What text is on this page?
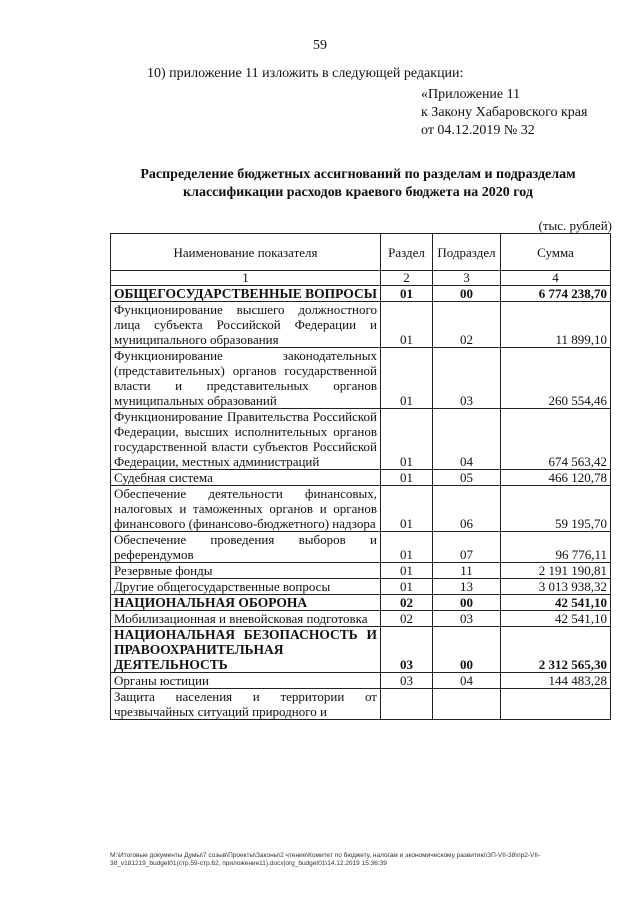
59
10) приложение 11 изложить в следующей редакции:
«Приложение 11
к Закону Хабаровского края
от 04.12.2019 № 32
Распределение бюджетных ассигнований по разделам и подразделам
классификации расходов краевого бюджета на 2020 год
(тыс. рублей)
Наименование показателя	Раздел	Подраздел	Сумма
1	2	3	4
ОБЩЕГОСУДАРСТВЕННЫЕ ВОПРОСЫ	01	00	6 774 238,70
Функционирование высшего должностного лица субъекта Российской Федерации и муниципального образования	01	02	11 899,10
Функционирование законодательных (представительных) органов государственной власти и представительных органов муниципальных образований	01	03	260 554,46
Функционирование Правительства Российской Федерации, высших исполнительных органов государственной власти субъектов Российской Федерации, местных администраций	01	04	674 563,42
Судебная система	01	05	466 120,78
Обеспечение деятельности финансовых, налоговых и таможенных органов и органов финансового (финансово-бюджетного) надзора	01	06	59 195,70
Обеспечение проведения выборов и референдумов	01	07	96 776,11
Резервные фонды	01	11	2 191 190,81
Другие общегосударственные вопросы	01	13	3 013 938,32
НАЦИОНАЛЬНАЯ ОБОРОНА	02	00	42 541,10
Мобилизационная и вневойсковая подготовка	02	03	42 541,10
НАЦИОНАЛЬНАЯ БЕЗОПАСНОСТЬ И ПРАВООХРАНИТЕЛЬНАЯ ДЕЯТЕЛЬНОСТЬ	03	00	2 312 565,30
Органы юстиции	03	04	144 483,28
Защита населения и территории от чрезвычайных ситуаций природного и			
М:\Итоговые документы Думы\7 созыв\Проекты\Законы\2 чтение\Комитет по бюджету, налогам и экономическому развитию\ЗП-VII-38\пр2-VII-38_v181219_budget01(стр.59-стр.62, приложение11).docx|org_budget01\14.12.2019 15:36:39
